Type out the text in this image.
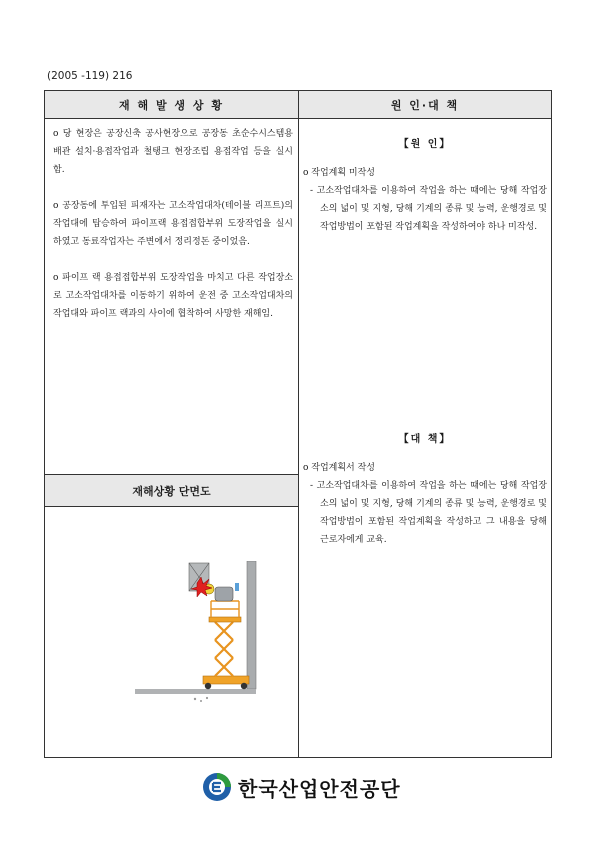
(2005 -119) 216
재 해 발 생 상 황	원 인·대 책

o 당 현장은 공장신축 공사현장으로 공장동 초순수시스템용 배관 설치·용접작업과 철탱크 현장조립 용접작업 등을 실시함.

o 공장동에 투입된 피재자는 고소작업대차(테이블 리프트)의 작업대에 탑승하여 파이프랙 용접접합부위 도장작업을 실시하였고 동료작업자는 주변에서 정리정돈 중이었음.

o 파이프 랙 용접접합부위 도장작업을 마치고 다른 작업장소로 고소작업대차를 이동하기 위하여 운전 중 고소작업대차의 작업대와 파이프 랙과의 사이에 협착하여 사망한 재해임.

재해상황 단면도
【원 인】

o 작업계획 미작성

- 고소작업대차를 이용하여 작업을 하는 때에는 당해 작업장소의 넓이 및 지형, 당해 기계의 종류 및 능력, 운행경로 및 작업방법이 포함된 작업계획을 작성하여야 하나 미작성.

【대 책】

o 작업계획서 작성

- 고소작업대차를 이용하여 작업을 하는 때에는 당해 작업장소의 넓이 및 지형, 당해 기계의 종류 및 능력, 운행경로 및 작업방법이 포함된 작업계획을 작성하고 그 내용을 당해 근로자에게 교육.

한국산업안전공단
